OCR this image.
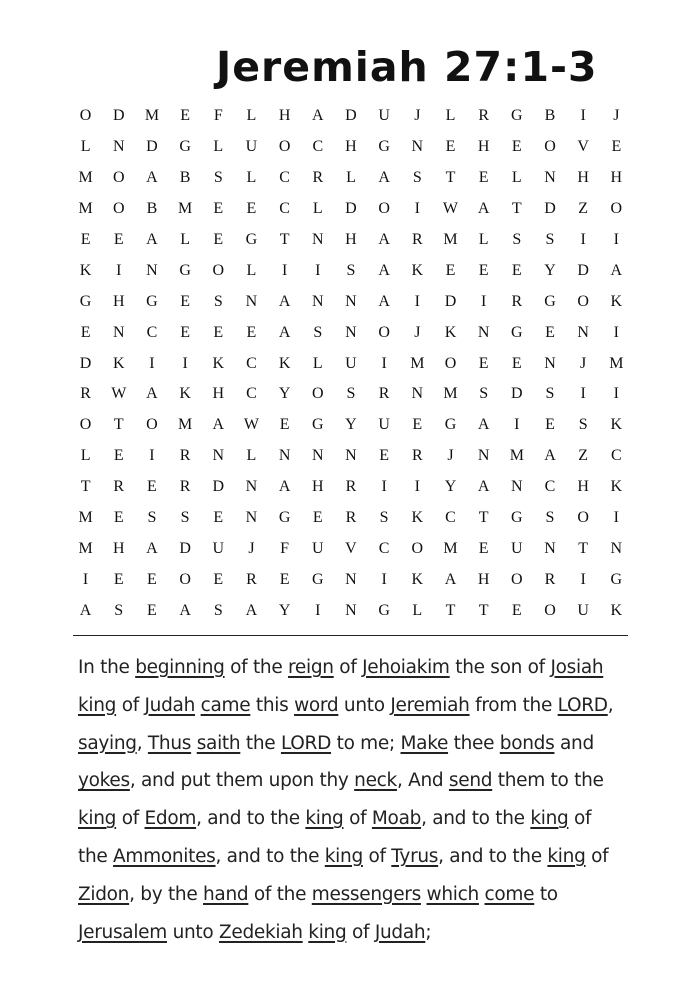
Jeremiah 27:1-3
O	D	M	E	F	L	H	A	D	U	J	L	R	G	B	I	J
L	N	D	G	L	U	O	C	H	G	N	E	H	E	O	V	E
M	O	A	B	S	L	C	R	L	A	S	T	E	L	N	H	H
M	O	B	M	E	E	C	L	D	O	I	W	A	T	D	Z	O
E	E	A	L	E	G	T	N	H	A	R	M	L	S	S	I	I
K	I	N	G	O	L	I	I	S	A	K	E	E	E	Y	D	A
G	H	G	E	S	N	A	N	N	A	I	D	I	R	G	O	K
E	N	C	E	E	E	A	S	N	O	J	K	N	G	E	N	I
D	K	I	I	K	C	K	L	U	I	M	O	E	E	N	J	M
R	W	A	K	H	C	Y	O	S	R	N	M	S	D	S	I	I
O	T	O	M	A	W	E	G	Y	U	E	G	A	I	E	S	K
L	E	I	R	N	L	N	N	N	E	R	J	N	M	A	Z	C
T	R	E	R	D	N	A	H	R	I	I	Y	A	N	C	H	K
M	E	S	S	E	N	G	E	R	S	K	C	T	G	S	O	I
M	H	A	D	U	J	F	U	V	C	O	M	E	U	N	T	N
I	E	E	O	E	R	E	G	N	I	K	A	H	O	R	I	G
A	S	E	A	S	A	Y	I	N	G	L	T	T	E	O	U	K

In the beginning of the reign of Jehoiakim the son of Josiah king of Judah came this word unto Jeremiah from the LORD, saying, Thus saith the LORD to me; Make thee bonds and yokes, and put them upon thy neck, And send them to the king of Edom, and to the king of Moab, and to the king of the Ammonites, and to the king of Tyrus, and to the king of Zidon, by the hand of the messengers which come to Jerusalem unto Zedekiah king of Judah;
